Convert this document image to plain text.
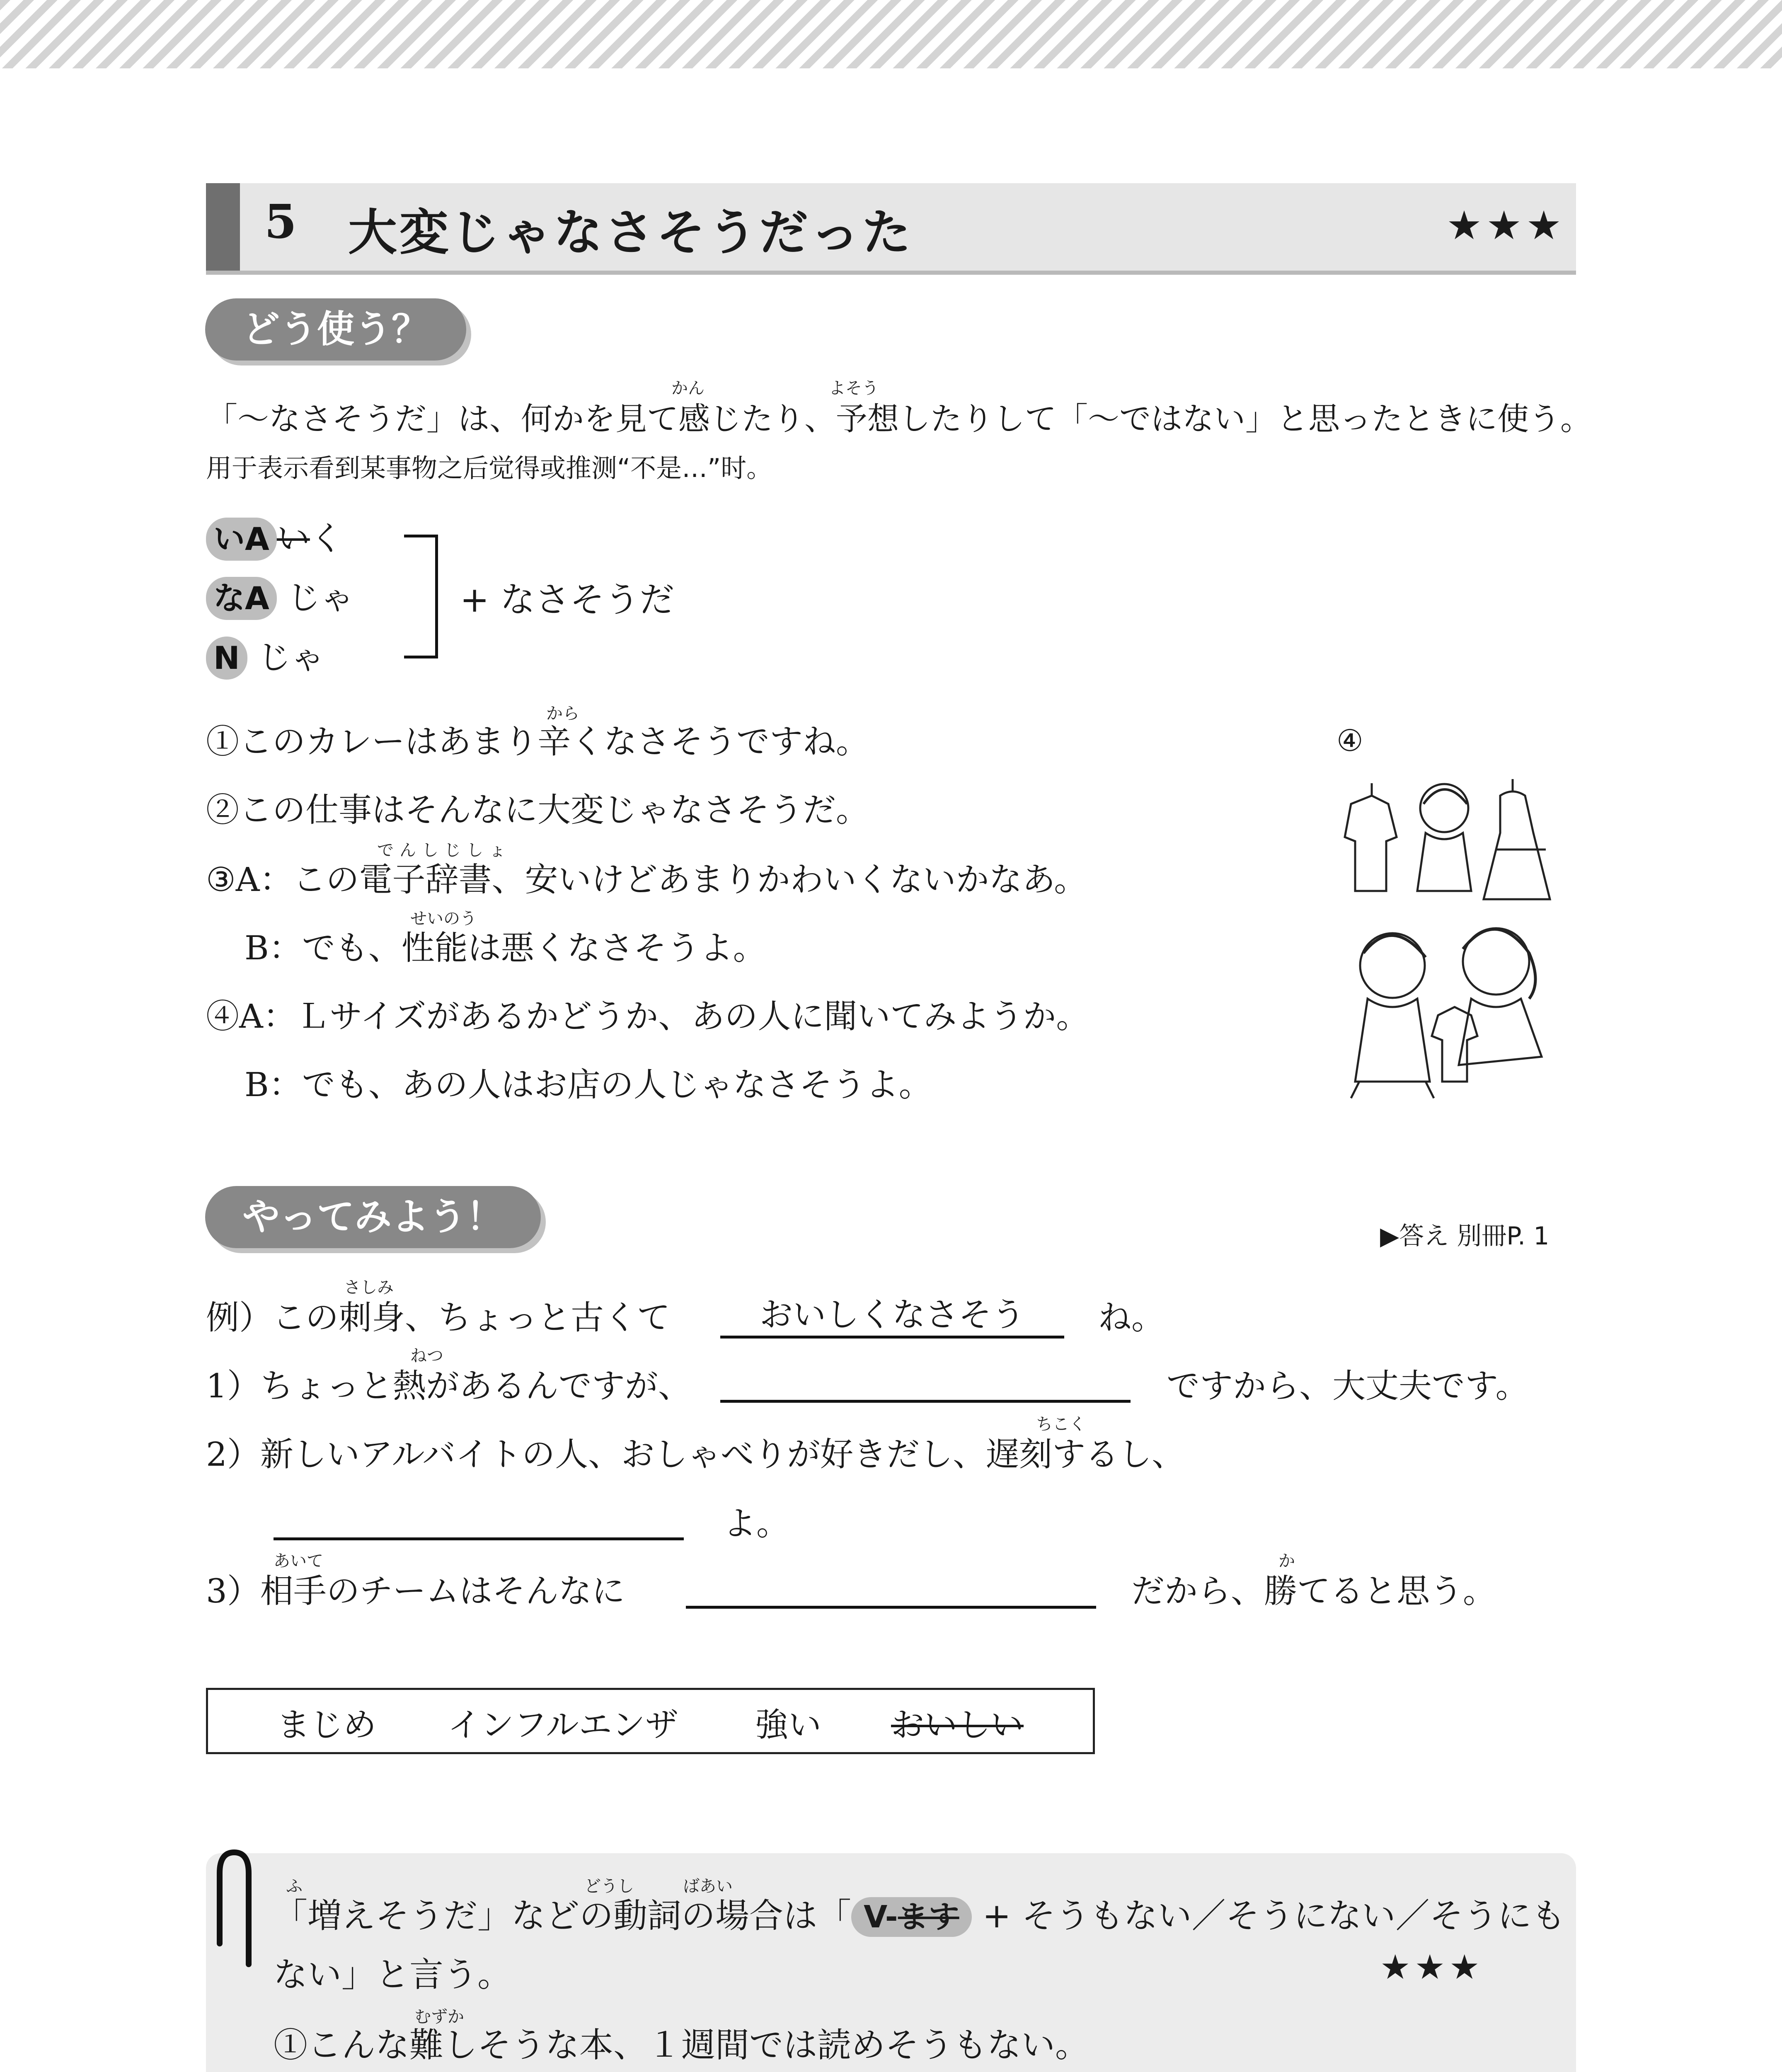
5 大変じゃなさそうだった	★★★
どう使う？
かん	よそう
「〜なさそうだ」は、何かを見て感じたり、予想したりして「〜ではない」と思ったときに使う。
用于表示看到某事物之后觉得或推测“不是…”时。
いA いく
なA じゃ
N じゃ
+ なさそうだ
から
①このカレーはあまり辛くなさそうですね。
②この仕事はそんなに大変じゃなさそうだ。
でんしじしょ
③A：この電子辞書、安いけどあまりかわいくないかなあ。
せいのう
B：でも、性能は悪くなさそうよ。
④A：Ｌサイズがあるかどうか、あの人に聞いてみようか。
B：でも、あの人はお店の人じゃなさそうよ。
④
やってみよう！	▶答え 別冊P. 1
さしみ
例）この刺身、ちょっと古くて	おいしくなさそう	ね。
ねつ
1）ちょっと熱があるんですが、	ですから、大丈夫です。
ちこく
2）新しいアルバイトの人、おしゃべりが好きだし、遅刻するし、
よ。
あいて	か
3）相手のチームはそんなに	だから、勝てると思う。
まじめ インフルエンザ 強い おいしい
ふ	どうし	ばあい
「増えそうだ」などの動詞の場合は「 V-ます + そうもない／そうにない／そうにも
ない」と言う。	★★★
むずか
①こんな難しそうな本、１週間では読めそうもない。
